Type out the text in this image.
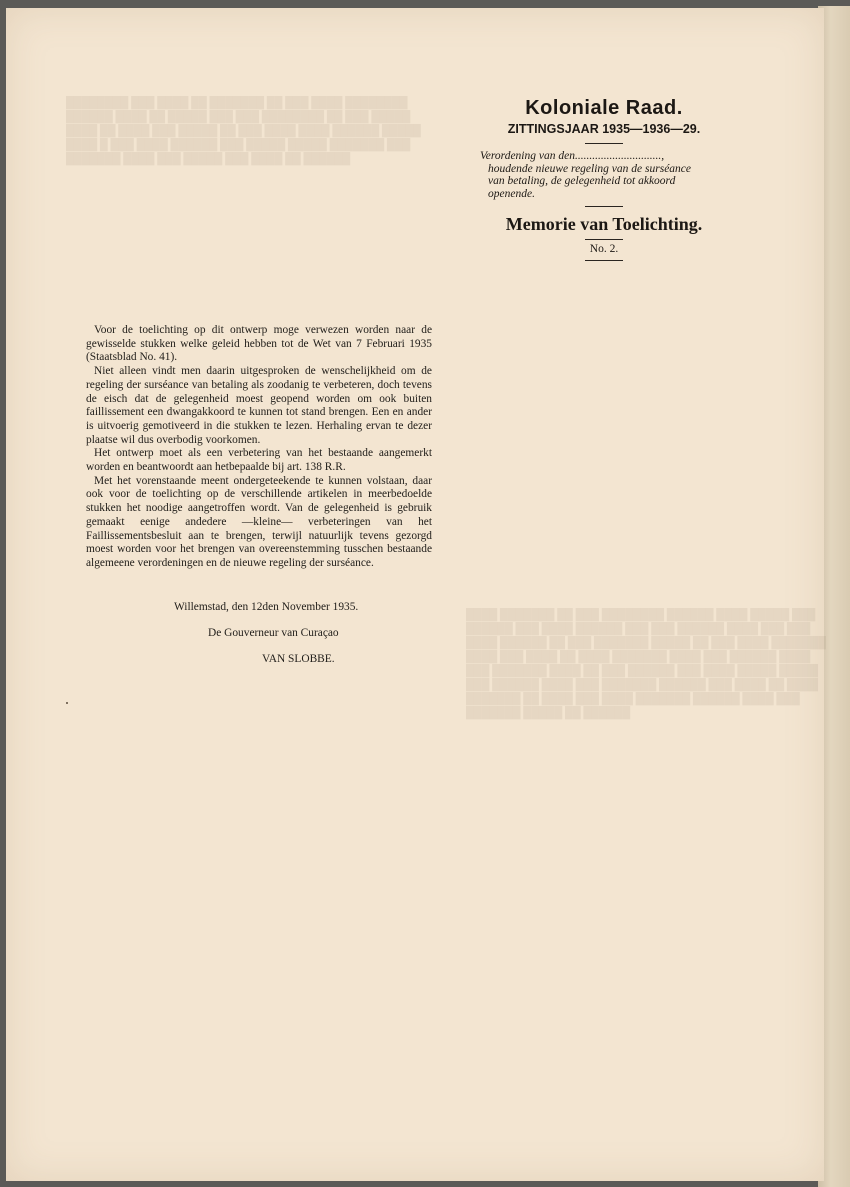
████████ ███ ████ ██ ███████ ██ ███ ████ ████████ ██████ ████ ██ █████ ███ ███ ████████ ██ ███ █████ ████ ██ ████ ███ █████ ██ ███ ████ ████ ██████ █████ ████ █ ███ ████ ██████ ███ █████ █████ ███████ ███ ███████ ████ ███ █████ ███ ████ ██ ██████
████ ███████ ██ ███ ████████ ██████ ████ █████ ███ ██████ ███ ████ ██████ ███ ███ ██████ ████ ███ ███ ████ ██████ ██ ███ ███████ █████ ██ ███ ████ ███████ ████ ███ ████ ██ ████ ███████ ████ ███ ██████ ████ ███ ███████ ████ ██ ███ ██████ ███ ████ █████ █████ ███ ██████ ████ ███ ███████ ██████ ███ ████ ██ ████ ███████ ██ ████ ███ ████ ███████ ██████ ████ ███ ███████ █████ ██ ██████
Koloniale Raad.
ZITTINGSJAAR 1935—1936—29.
Verordening van den..............................,
houdende nieuwe regeling van de surséance
van betaling, de gelegenheid tot akkoord
openende.
Memorie van Toelichting.
No. 2.

Voor de toelichting op dit ontwerp moge verwezen worden naar de gewisselde stukken welke geleid hebben tot de Wet van 7 Februari 1935 (Staatsblad No. 41).

Niet alleen vindt men daarin uitgesproken de wenschelijkheid om de regeling der surséance van betaling als zoodanig te verbeteren, doch tevens de eisch dat de gelegenheid moest geopend worden om ook buiten faillissement een dwangakkoord te kunnen tot stand brengen. Een en ander is uitvoerig gemotiveerd in die stukken te lezen. Herhaling ervan te dezer plaatse wil dus overbodig voorkomen.

Het ontwerp moet als een verbetering van het bestaande aangemerkt worden en beantwoordt aan hetbepaalde bij art. 138 R.R.

Met het vorenstaande meent ondergeteekende te kunnen volstaan, daar ook voor de toelichting op de verschillende artikelen in meerbedoelde stukken het noodige aangetroffen wordt. Van de gelegenheid is gebruik gemaakt eenige andedere —kleine— verbeteringen van het Faillissementsbesluit aan te brengen, terwijl natuurlijk tevens gezorgd moest worden voor het brengen van overeenstemming tusschen bestaande algemeene verordeningen en de nieuwe regeling der surséance.

Willemstad, den 12den November 1935.
De Gouverneur van Curaçao
VAN SLOBBE.
